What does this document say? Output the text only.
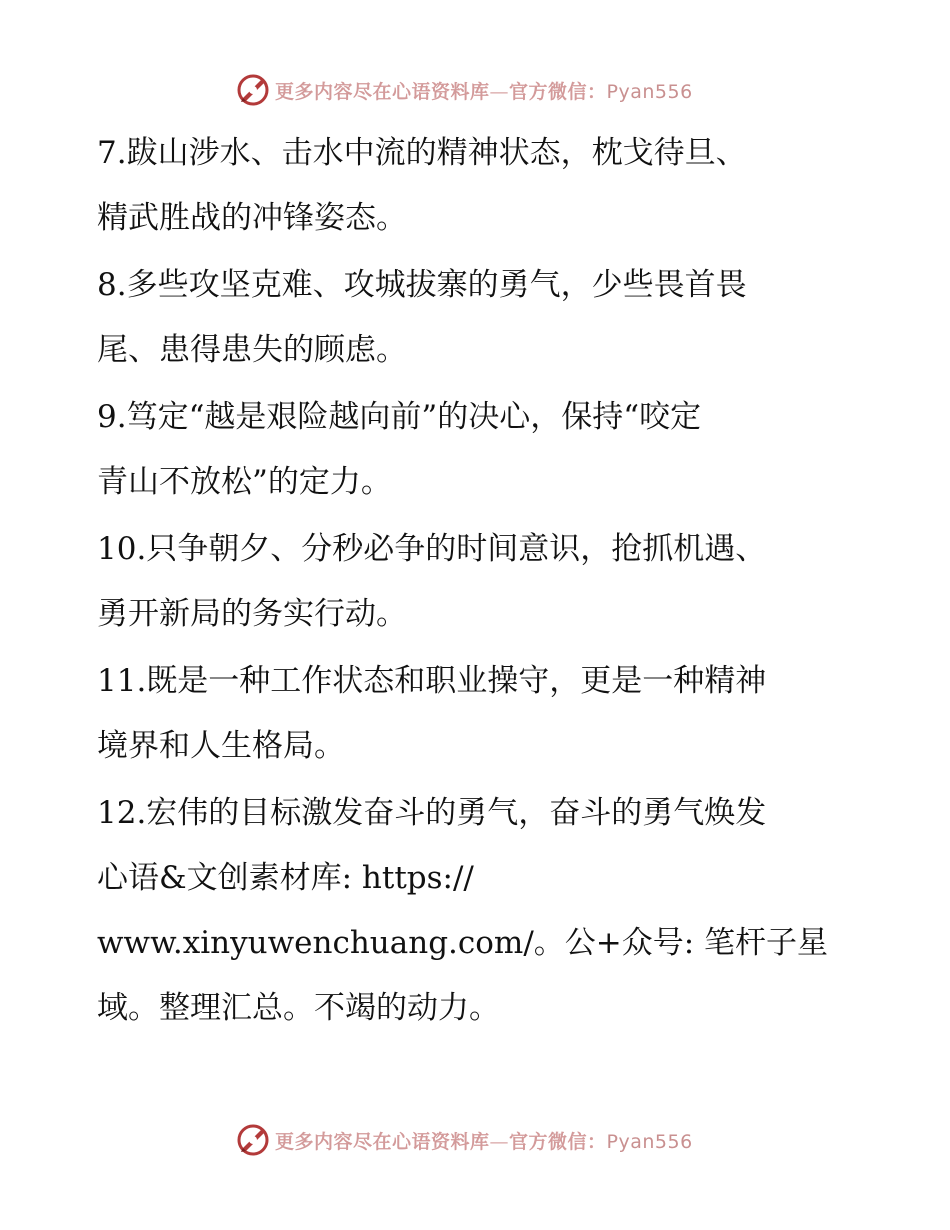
更多内容尽在心语资料库—官方微信：Pyan556
7.跋山涉水、击水中流的精神状态，枕戈待旦、
精武胜战的冲锋姿态。
8.多些攻坚克难、攻城拔寨的勇气，少些畏首畏
尾、患得患失的顾虑。
9.笃定“越是艰险越向前”的决心，保持“咬定
青山不放松”的定力。
10.只争朝夕、分秒必争的时间意识，抢抓机遇、
勇开新局的务实行动。
11.既是一种工作状态和职业操守，更是一种精神
境界和人生格局。
12.宏伟的目标激发奋斗的勇气，奋斗的勇气焕发
心语&文创素材库: https://
www.xinyuwenchuang.com/。公+众号: 笔杆子星
域。整理汇总。不竭的动力。
更多内容尽在心语资料库—官方微信：Pyan556
